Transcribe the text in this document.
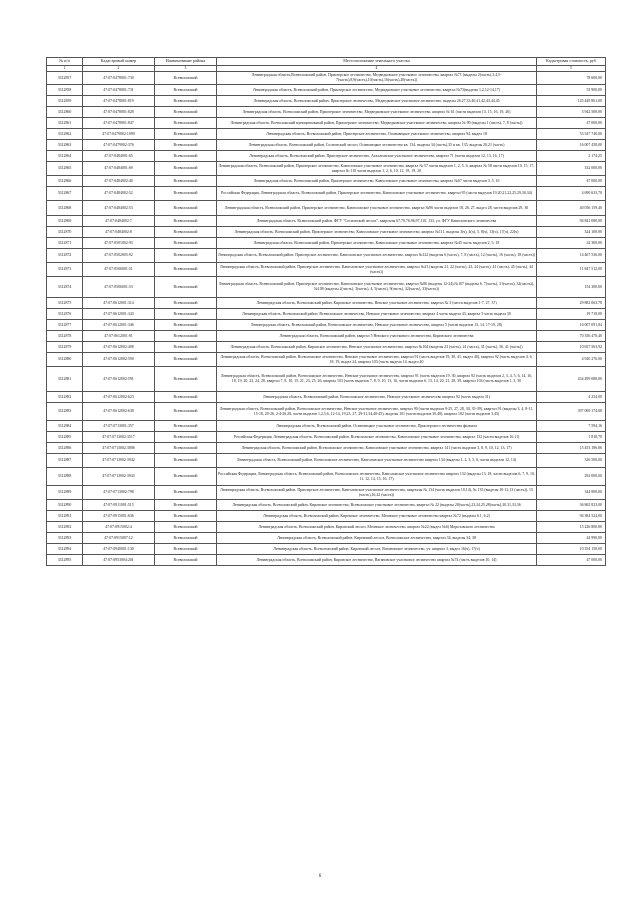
№ п/п	Кадастровый номер	Наименование района	Местоположение земельного участка	Кадастровая стоимость, руб
1	2	3	4	5
3312857	47:07:0478001:730	Всеволожский	Ленинградская область,Всеволожский район, Приозерское лесничество, Медведковское участковое лесничество, квартал №71 (выделы 2(часть),3,4,5-7(часть),8,9(часть),10(часть),16(часть),20(часть))	78 600,00
3312858	47:07:0478001:731	Всеволожский	Ленинградская область, Всеволожский район, Приозерское лесничество, Медведковское участковое лесничество, квартал №73(выделы 1,2,12-14,17)	53 900,00
3312859	47:07:0478001:819	Всеволожский	Ленинградская область, Всеволожский район, Приозерское лесничество, Медведковское участковое лесничество, выделы 26,27,33,40,41,42,43,44,45	145 449 861,00
3312860	47:07:0478001:828	Всеволожский	Ленинградская область, Всеволожский район, Приозерское лесничество, Медведковское участковое лесничество, квартал № 61 (части выделов 13, 15, 16, 19, 26)	3 942 500,00
3312861	47:07:0478001:847	Всеволожский	Ленинградская область, Всеволожский муниципальный район, Приозерское лесничество, Медведковское участковое лесничество, квартал № 90 (выделы 1 (часть), 7, 8 (часть))	47 000,00
3312862	47:07:0479002:1090	Всеволожский	Ленинградская область, Всеволожский район, Приозерское лесничество, Осиновецкое участковое лесничество, квартал 94, выдел 18	53 547 740,00
3312863	47:07:0479002:376	Всеволожский	Ленинградская область, Всеволожский район, Сосновский лесхоз, Осиновецкое лесничество кв. 134, выделы 34 (часть),35 и кв. 135, выделы 20,21 (часть)	16 007 458,00
3312864	47:07:0484001:65	Всеволожский	Ленинградская область, Всеволожский район, Приозерское лесничество, Агалатовское участковое лесничество, квартал 71 (части выделов 12, 13, 16, 17)	2 174,25
3312865	47:07:0484001:69	Всеволожский	Ленинградская область, Всеволожский район, Приозерское лесничество, Кавголовское участковое лесничество, квартал № 57 части выделов 1, 2, 5, 6, квартал № 58 части выделов 10, 15, 17, квартал № 110 части выделов 1, 2, 6, 10, 12, 18, 19, 20	332 000,00
3312866	47:07:0484002:40	Всеволожский	Ленинградская область, Всеволожский район, Приозерское лесничество, Кавголовское участковое лесничество, квартал №67 части выделов 3, 5, 16	47 000,00
3312867	47:07:0484002:52	Всеволожский	Российская Федерация, Ленинградская область, Всеволожский район, Приозерское лесничество, Кавголовское участковое лесничество, квартал 95 (части выделов 19,20,21,22,25,29,30,34)	4 690 633,70
3312868	47:07:0484002:53	Всеволожский	Ленинградская область, Всеволожский район, Приозерское лесничество, Кавголовское участковое лесничество, квартал №96 части выделов 18, 26, 27, выдел 28, части выделов 29, 30	40 056 159,40
3312869	47:07:0484002:7	Всеволожский	Ленинградская область, Всеволожский район, ФГУ "Сосновский лесхоз", кварталы 67,70,76,96,97,110, 133, уч. ФГУ Кавголовского лесничества	94 841 080,00
3312870	47:07:0484002:8	Всеволожский	Ленинградская область, Всеволожский район, Приозерское лесничество, Кавголовское участковое лесничество, квартал №111, выделы 3(ч), 4(ч), 5, 8(ч), 13(ч), 17(ч), 22(ч)	324 100,00
3312871	47:07:0501002:93	Всеволожский	Ленинградская область, Всеволожский район, Приозерское лесничество, Кавголовское участковое лесничество, квартал №45 часть выделов 2, 5, 18	32 300,00
3312872	47:07:0502005:92	Всеволожский	Ленинградская область, Всеволожский район, Приозерское лесничество, Кавголовское участковое лесничество, квартал №122 (выделы 6 (часть), 7, 8 (часть), 12 (часть), 16 (часть), 18 (часть))	14 467 536,00
3312873	47:07:0506001:51	Всеволожский	Ленинградская область, Всеволожский район, Приозерское лесничество, Кавголовское участковое лесничество, квартал №23 (выделы 21, 22 (часть), 23, 24 (часть), 41 (часть), 45 (часть), 44 (часть))	11 847 512,00
3312874	47:07:0506001:53	Всеволожский	Ленинградская область, Всеволожский район, Приозерское лесничество, Кавголовское участковое лесничество, квартал №86 (выделы 12-24),№107 (выделы 6, 7(часть), 31(часть), 32(часть)),№108 (выделы 2(часть), 3(часть), 4, 5(часть), 9(часть), 32(часть), 33(часть))	154 300,00
3312875	47:07:0612001:314	Всеволожский	Ленинградская область, Всеволожский район, Кировское лесничество, Невское участковое лесничество, квартал № 3 (части выделов 1-7, 27, 37)	29 882 063,78
3312876	47:07:0612001:343	Всеволожский	Ленинградская область, Всеволожский район, Всеволожское лесничество, Невское участковое лесничество, квартал 4 часть выдела 43, квартал 5 часть выдела 30	19 718,00
3312877	47:07:0612001:346	Всеволожский	Ленинградская область, Всеволожский район, Всеволожское лесничество, Невское участковое лесничество, квартал 5 (части выделов 13, 14, 17-19, 28)	16 007 091,84
3312878	47:07:0612001:91	Всеволожский	Ленинградская область, Всеволожский район, квартал 5 Невского участкового лесничества, Кировского лесничества	70 356 470,40
3312879	47:07:0612002:408	Всеволожский	Ленинградская область, Всеволожский район, Кировское лесничество, Невское участковое лесничество, квартал №164 (выделы 23 (часть), 24 (часть), 31 (часть), 36, 41 (часть))	10 657 563,92
3312880	47:07:0612002:590	Всеволожский	Ленинградская область, Всеволожский район, Всеволожское лесничество, Невское участковое лесничество, квартал 91 (часть выделов 19, 30, 41, выдел 40), квартал 92 (часть выделов 4, 6, 18, 19, выдел 24, квартал 103 (часть выдела 14, выдел 40	4 920 276,00
3312881	47:07:0612002:591	Всеволожский	Ленинградская область, Всеволожский район, Всеволожское лесничество, Невское участковое лесничество, квартал 91 (часть выделов 19, 30, квартал 92 (часть выделов 2, 3, 4, 5, 6, 14, 16, 18, 19, 20, 22, 24, 28, квартал 7, 8, 10, 15, 21, 23, 25, 26, квартал 103 (часть выделов 7, 8, 9, 10, 13, 16, части выделов 6, 13, 14, 20, 21, 28, 39, квартал 104 (часть выделов 1, 3, 30	434 499 088,00
3312882	47:07:0612002:623	Всеволожский	Ленинградская область, Всеволожский район, Всеволожское лесничество, Невское участковое лесничество квартал 92 (часть выдела 31)	4 254,00
3312883	47:07:0612002:638	Всеволожский	Ленинградская область, Всеволожский район, Всеволожское лесничество, Невское участковое лесничество, квартал 90 (части выделов 9-25, 27, 28, 30, 35-39), квартал 91 (выделы 3, 4, 8-11, 15-18, 20-26, 2-4-26,28, части выделов 1,2,5,6, 12-14, 19,23, 27, 29-31,34,40-45), выделы 101 (части выделов 30,48), квартал 102 (части выделов 3,45)	397 069 174,68
3312884	47:07:0713001:357	Всеволожский	Ленинградская область, Всеволожский район, Осиновецкое участковое лесничество, Приозерского лесничества филиала	7 594,16
3312885	47:07:0713002:3517	Всеволожский	Российская Федерация, Ленинградская область, Всеволожский район, Всеволожское лесничество, Кавголовское участковое лесничество, квартал 132 (части выделов 16,11)	1 818,70
3312886	47:07:0713002:3806	Всеволожский	Ленинградская область, Всеволожский район, Всеволожское лесничество, Кавголовское участковое лесничество, квартал 141 (часть выделов 3, 8, 9, 10, 12, 13, 17)	15 453 186,06
3312887	47:07:0713002:3942	Всеволожский	Ленинградская область, Всеволожский район, Всеволожское лесничество, Кавголовское участковое лесничество квартал 134 (выделы 1, 2, 3, 5, 6, части выделов 12, 14)	326 500,00
3312888	47:07:0713002:3943	Всеволожский	Российская Федерация, Ленинградская область, Всеволожский район, Всеволожское лесничество, Кавголовское участковое лесничество квартал 132 (выделы 13, 18, части выделов 6, 7, 9, 10, 11, 12, 14, 15, 16, 17)	292 000,00
3312889	47:07:0713002:798	Всеволожский	Ленинградская область, Всеволожский район, Приозерское лесничество, Кавголовское участковое лесничество, кварталы № 134 (часть выделов 10,14), № 135 (выделы 10-12,13 (часть)), 15 (часть),16,22 (часть))	344 800,00
3312890	47:07:0911001:515	Всеволожский	Ленинградская область, Всеволожский район, Кировское лесничество, Всеволожское участковое лесничество, квартал № 22 (выделы 20(часть),23,24,25,28(часть),30,31,33,36	36 865 823,00
3312891	47:07:0915001:636	Всеволожский	Ленинградская область, Всеволожский район, Кировское лесничество, Мгинское участковое лесничество квартал №72 (выделы 6.1, 6.2)	94 384 524,00
3312892	47:07:0915002:4	Всеволожский	Ленинградская область, Всеволожский район, Кировский лесхоз, Мгинское лесничество, квартал №22 (выдел №6) Морозовского лесничества	15 226 800,00
3312893	47:07:0915007:12	Всеволожский	Ленинградская область, Всеволожский район, Кировский лесхоз, Всеволожское лесничество, квартал 34, выделы 34, 38	44 990,00
3312894	47:07:0940001:130	Всеволожский	Ленинградская область, Всеволожский район, Кировский лесхоз, Вагановское лесничество, уч. квартал 3, выдел 16(ч), 17(ч)	10 354 150,00
3312895	47:07:0953004:201	Всеволожский	Ленинградская область, Всеволожский район, Кировское лесничество, Вагановское участковое лесничество квартал №74 (часть выделов 10, 14)	47 000,00
6
